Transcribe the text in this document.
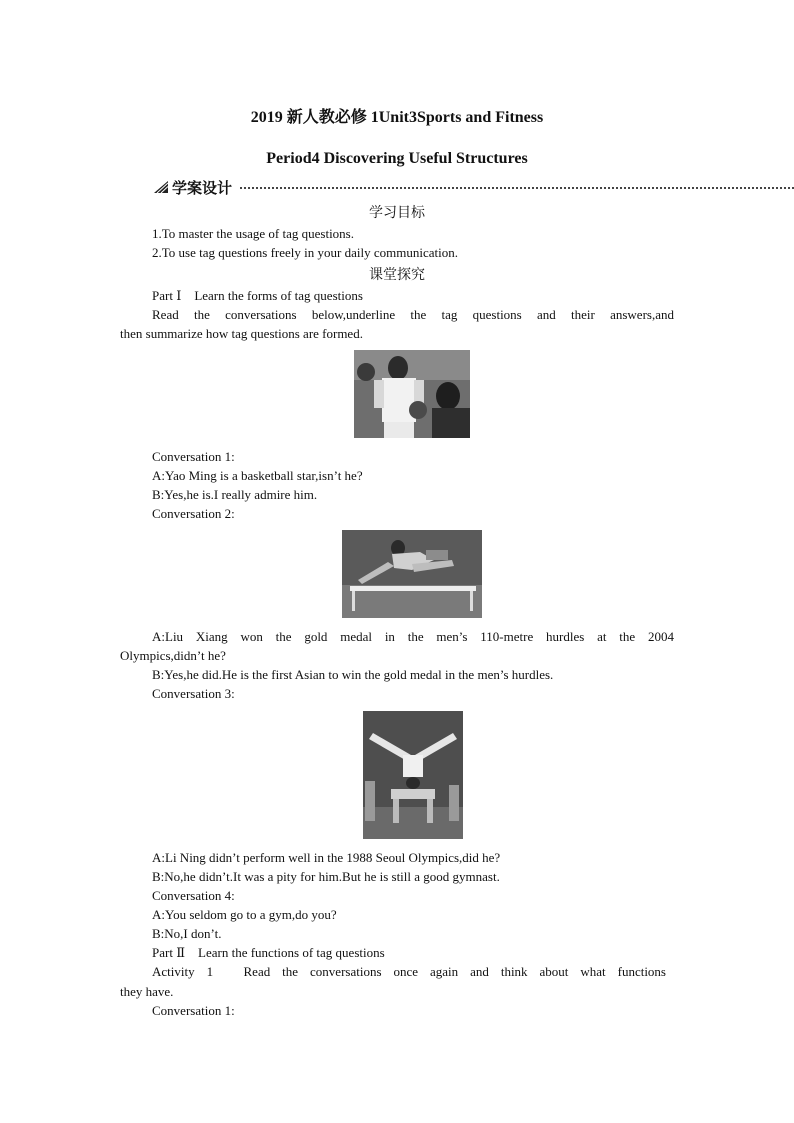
2019 新人教必修 1Unit3Sports and Fitness
Period4 Discovering Useful Structures
学案设计
学习目标
1.To master the usage of tag questions.
2.To use tag questions freely in your daily communication.
课堂探究
Part Ⅰ　Learn the forms of tag questions
Read the conversations below,underline the tag questions and their answers,and
then summarize how tag questions are formed.
Conversation 1:
A:Yao Ming is a basketball star,isn’t he?
B:Yes,he is.I really admire him.
Conversation 2:
A:Liu Xiang won the gold medal in the men’s 110-metre hurdles at the 2004
Olympics,didn’t he?
B:Yes,he did.He is the first Asian to win the gold medal in the men’s hurdles.
Conversation 3:
A:Li Ning didn’t perform well in the 1988 Seoul Olympics,did he?
B:No,he didn’t.It was a pity for him.But he is still a good gymnast.
Conversation 4:
A:You seldom go to a gym,do you?
B:No,I don’t.
Part Ⅱ　Learn the functions of tag questions
Activity 1　Read the conversations once again and think about what functions
they have.
Conversation 1:
